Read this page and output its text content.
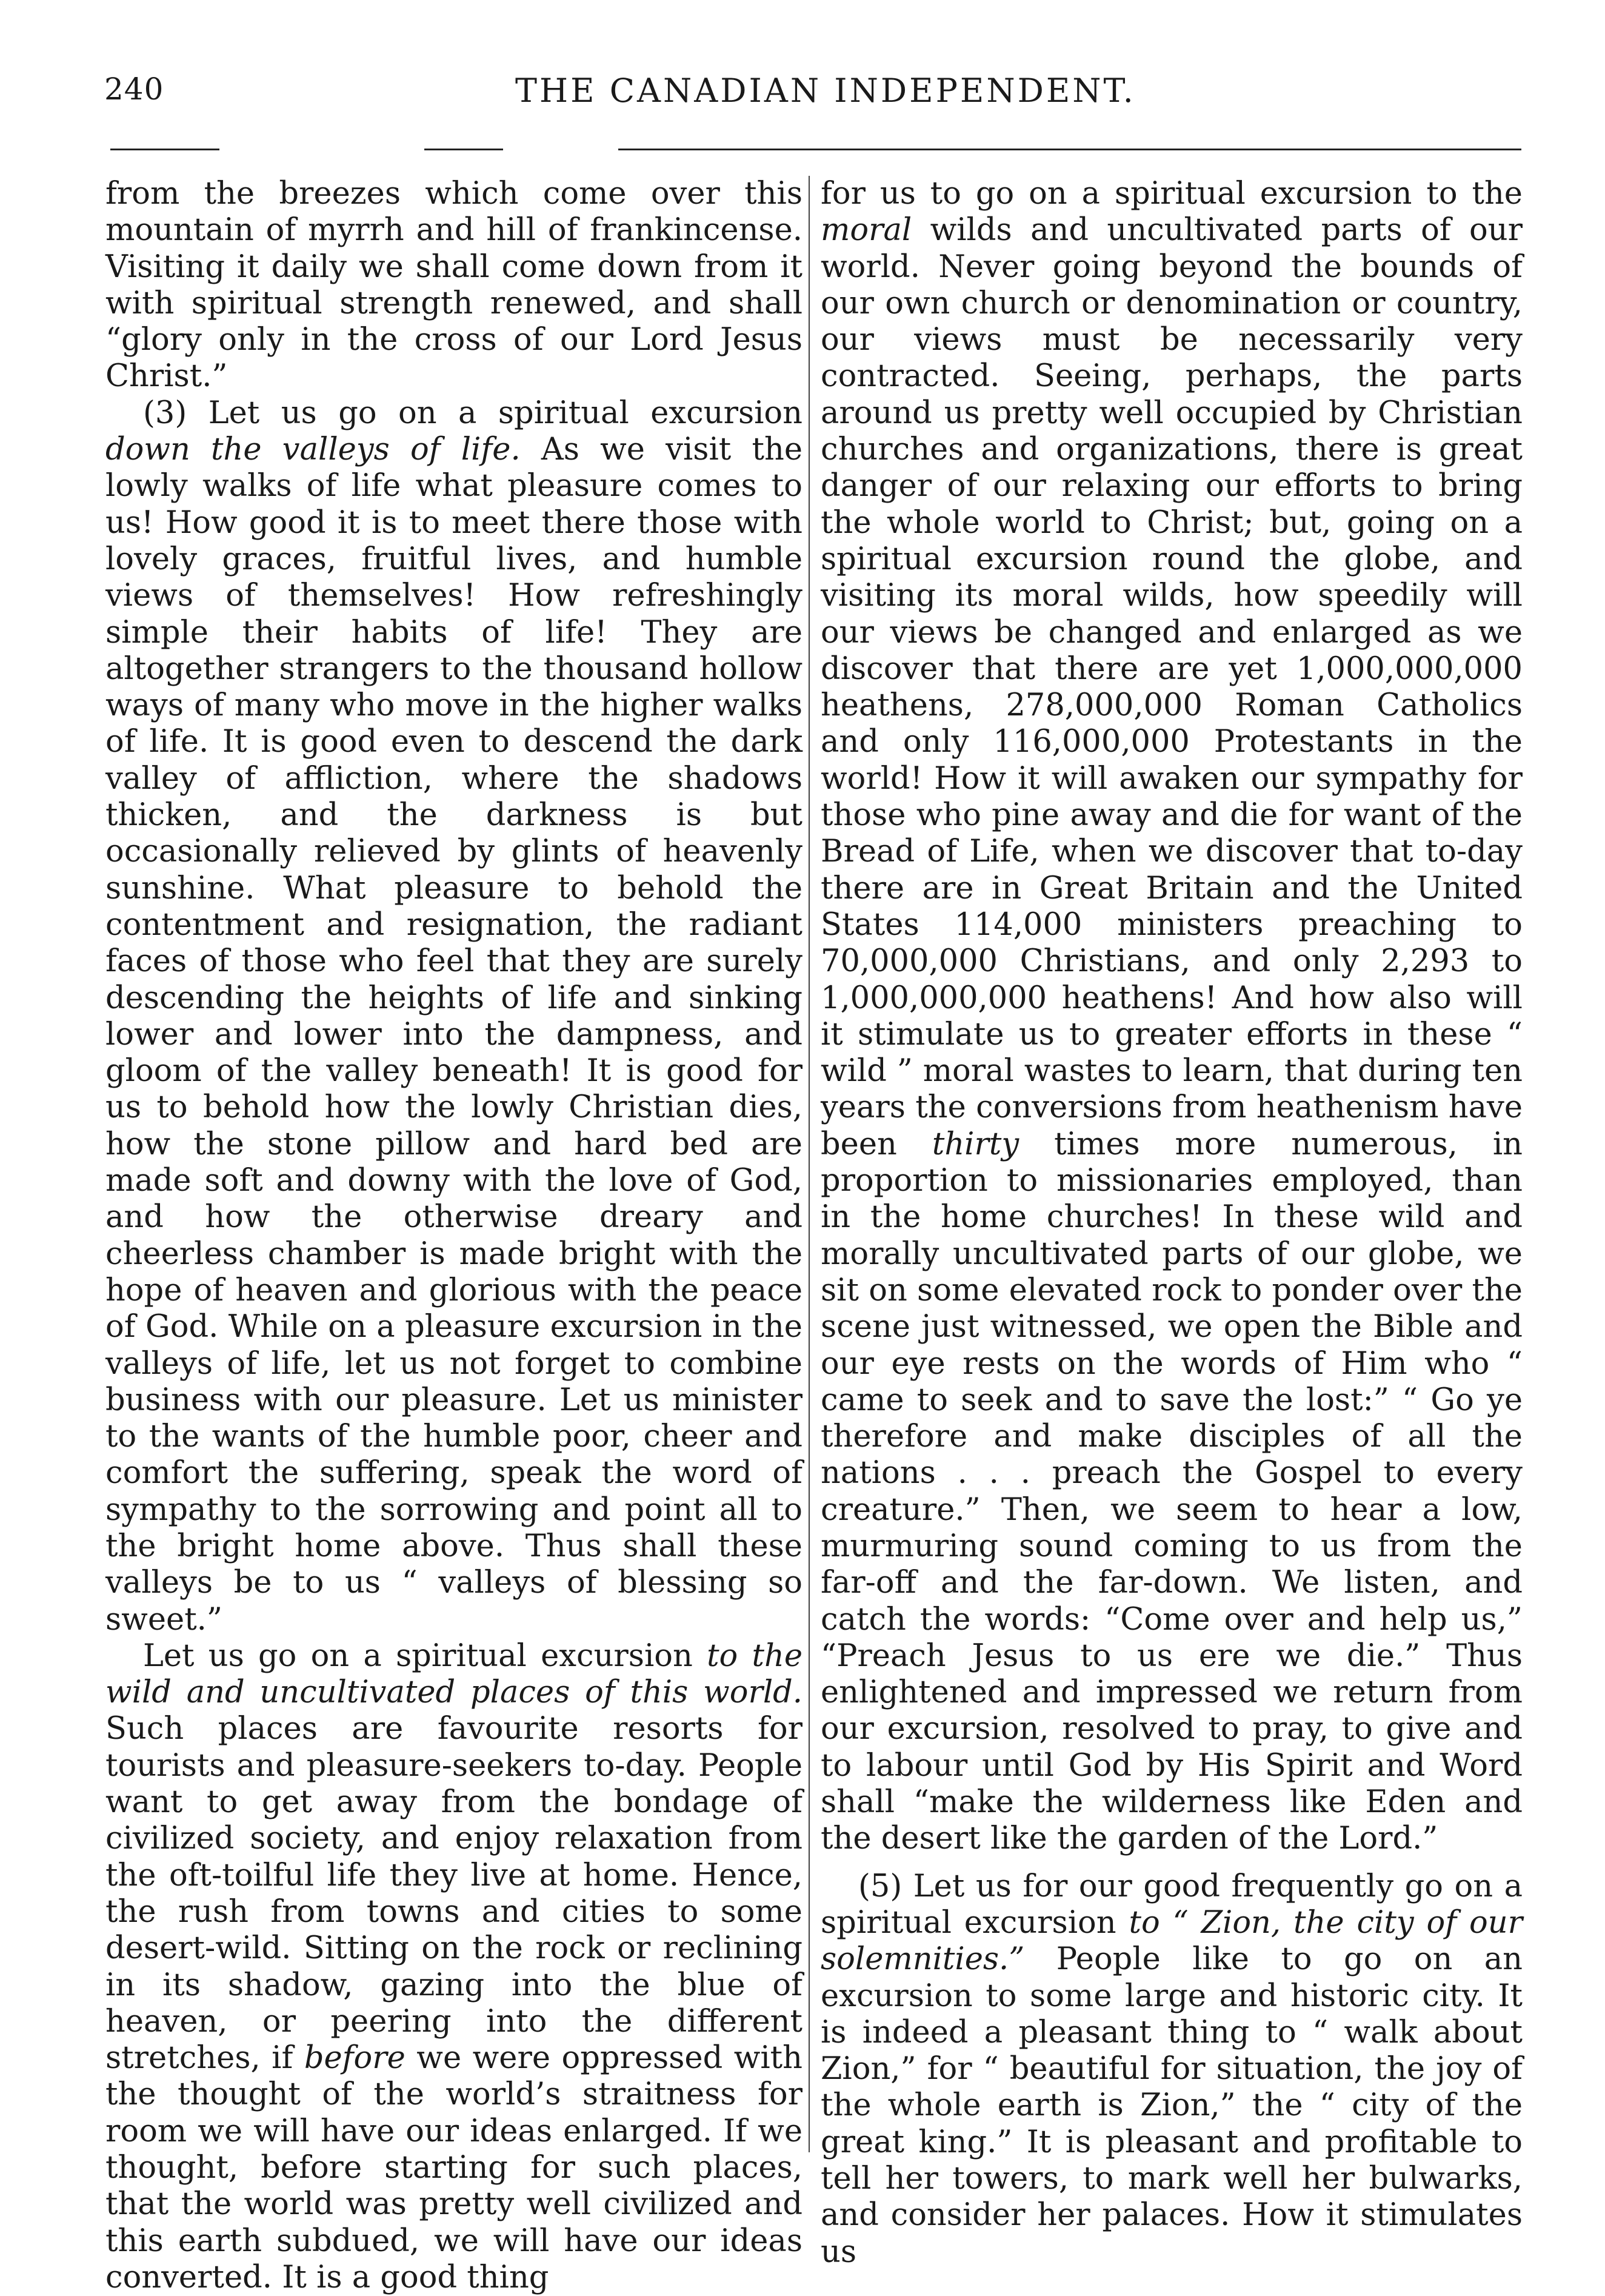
240	THE CANADIAN INDEPENDENT.

from the breezes which come over this mountain of myrrh and hill of frankincense. Visiting it daily we shall come down from it with spiritual strength renewed, and shall “glory only in the cross of our Lord Jesus Christ.”

(3) Let us go on a spiritual excursion down the valleys of life. As we visit the lowly walks of life what pleasure comes to us! How good it is to meet there those with lovely graces, fruitful lives, and humble views of themselves! How refreshingly simple their habits of life! They are altogether strangers to the thousand hollow ways of many who move in the higher walks of life. It is good even to descend the dark valley of affliction, where the shadows thicken, and the darkness is but occasionally relieved by glints of heavenly sunshine. What pleasure to behold the contentment and resignation, the radiant faces of those who feel that they are surely descending the heights of life and sinking lower and lower into the dampness, and gloom of the valley beneath! It is good for us to behold how the lowly Christian dies, how the stone pillow and hard bed are made soft and downy with the love of God, and how the otherwise dreary and cheerless chamber is made bright with the hope of heaven and glorious with the peace of God. While on a pleasure excursion in the valleys of life, let us not forget to combine business with our pleasure. Let us minister to the wants of the humble poor, cheer and comfort the suffering, speak the word of sympathy to the sorrowing and point all to the bright home above. Thus shall these valleys be to us “ valleys of blessing so sweet.”

Let us go on a spiritual excursion to the wild and uncultivated places of this world. Such places are favourite resorts for tourists and pleasure-seekers to-day. People want to get away from the bondage of civilized society, and enjoy relaxation from the oft-toilful life they live at home. Hence, the rush from towns and cities to some desert-wild. Sitting on the rock or reclining in its shadow, gazing into the blue of heaven, or peering into the different stretches, if before we were oppressed with the thought of the world’s straitness for room we will have our ideas enlarged. If we thought, before starting for such places, that the world was pretty well civilized and this earth subdued, we will have our ideas converted. It is a good thing

for us to go on a spiritual excursion to the moral wilds and uncultivated parts of our world. Never going beyond the bounds of our own church or denomination or country, our views must be necessarily very contracted. Seeing, perhaps, the parts around us pretty well occupied by Christian churches and organizations, there is great danger of our relaxing our efforts to bring the whole world to Christ; but, going on a spiritual excursion round the globe, and visiting its moral wilds, how speedily will our views be changed and enlarged as we discover that there are yet 1,000,000,000 heathens, 278,000,000 Roman Catholics and only 116,000,000 Protestants in the world! How it will awaken our sympathy for those who pine away and die for want of the Bread of Life, when we discover that to-day there are in Great Britain and the United States 114,000 ministers preaching to 70,000,000 Christians, and only 2,293 to 1,000,000,000 heathens! And how also will it stimulate us to greater efforts in these “ wild ” moral wastes to learn, that during ten years the conversions from heathenism have been thirty times more numerous, in proportion to missionaries employed, than in the home churches! In these wild and morally uncultivated parts of our globe, we sit on some elevated rock to ponder over the scene just witnessed, we open the Bible and our eye rests on the words of Him who “ came to seek and to save the lost:” “ Go ye therefore and make disciples of all the nations . . . preach the Gospel to every creature.” Then, we seem to hear a low, murmuring sound coming to us from the far-off and the far-down. We listen, and catch the words: “Come over and help us,” “Preach Jesus to us ere we die.” Thus enlightened and impressed we return from our excursion, resolved to pray, to give and to labour until God by His Spirit and Word shall “make the wilderness like Eden and the desert like the garden of the Lord.”

(5) Let us for our good frequently go on a spiritual excursion to “ Zion, the city of our solemnities.” People like to go on an excursion to some large and historic city. It is indeed a pleasant thing to “ walk about Zion,” for “ beautiful for situation, the joy of the whole earth is Zion,” the “ city of the great king.” It is pleasant and profitable to tell her towers, to mark well her bulwarks, and consider her palaces. How it stimulates us
